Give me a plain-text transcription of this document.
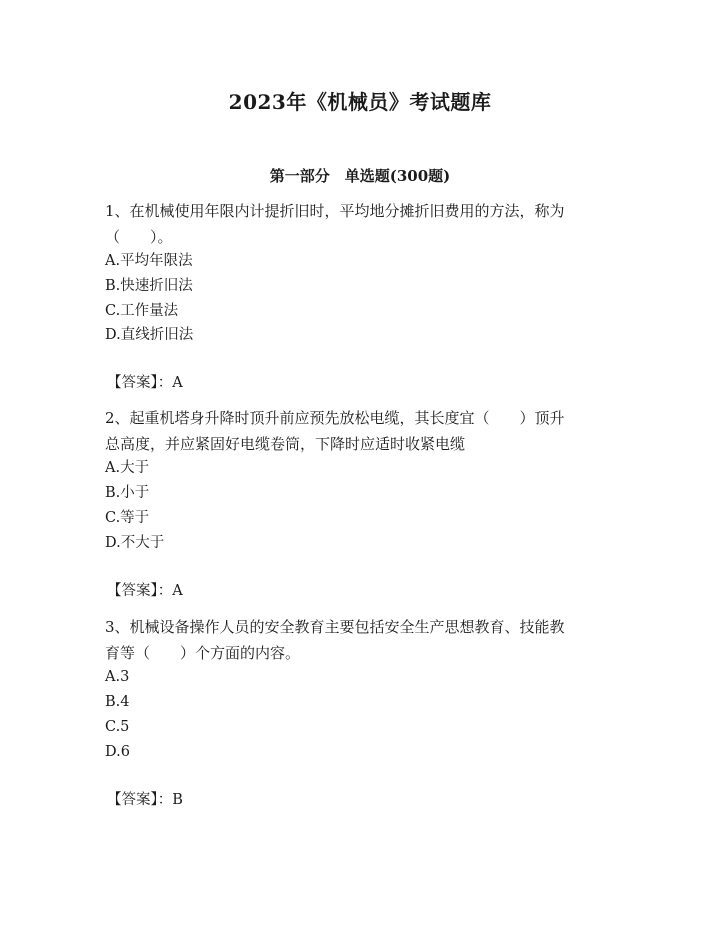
2023年《机械员》考试题库
第一部分　单选题(300题)
1、在机械使用年限内计提折旧时，平均地分摊折旧费用的方法，称为
（　　）。
A.平均年限法
B.快速折旧法
C.工作量法
D.直线折旧法
【答案】：A
2、起重机塔身升降时顶升前应预先放松电缆，其长度宜（　　）顶升
总高度，并应紧固好电缆卷筒，下降时应适时收紧电缆
A.大于
B.小于
C.等于
D.不大于
【答案】：A
3、机械设备操作人员的安全教育主要包括安全生产思想教育、技能教
育等（　　）个方面的内容。
A.3
B.4
C.5
D.6
【答案】：B
